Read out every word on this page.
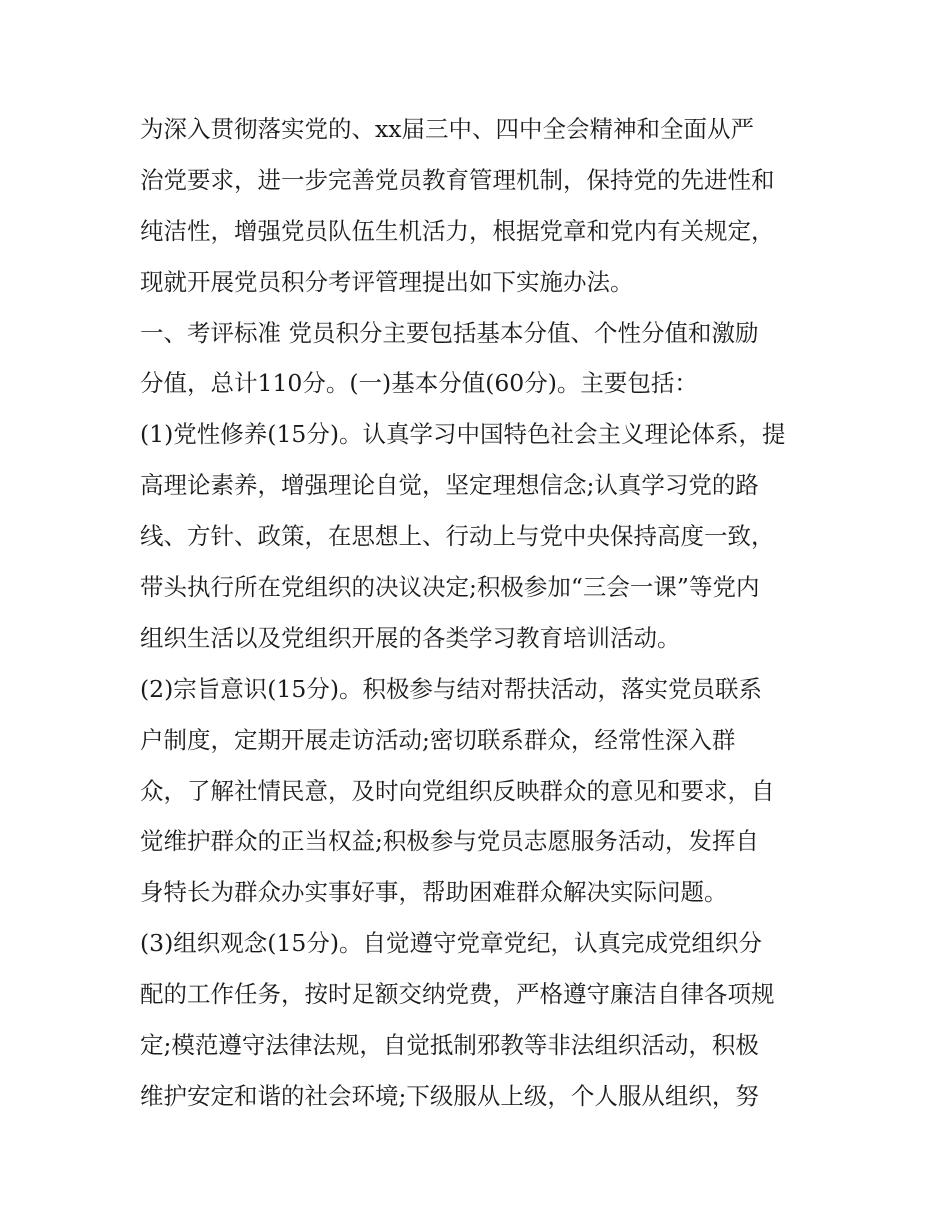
为深入贯彻落实党的、xx届三中、四中全会精神和全面从严
治党要求，进一步完善党员教育管理机制，保持党的先进性和
纯洁性，增强党员队伍生机活力，根据党章和党内有关规定，
现就开展党员积分考评管理提出如下实施办法。
一、考评标准 党员积分主要包括基本分值、个性分值和激励
分值，总计110分。(一)基本分值(60分)。主要包括：
(1)党性修养(15分)。认真学习中国特色社会主义理论体系，提
高理论素养，增强理论自觉，坚定理想信念;认真学习党的路
线、方针、政策，在思想上、行动上与党中央保持高度一致，
带头执行所在党组织的决议决定;积极参加“三会一课”等党内
组织生活以及党组织开展的各类学习教育培训活动。
(2)宗旨意识(15分)。积极参与结对帮扶活动，落实党员联系
户制度，定期开展走访活动;密切联系群众，经常性深入群
众，了解社情民意，及时向党组织反映群众的意见和要求，自
觉维护群众的正当权益;积极参与党员志愿服务活动，发挥自
身特长为群众办实事好事，帮助困难群众解决实际问题。
(3)组织观念(15分)。自觉遵守党章党纪，认真完成党组织分
配的工作任务，按时足额交纳党费，严格遵守廉洁自律各项规
定;模范遵守法律法规，自觉抵制邪教等非法组织活动，积极
维护安定和谐的社会环境;下级服从上级，个人服从组织，努
